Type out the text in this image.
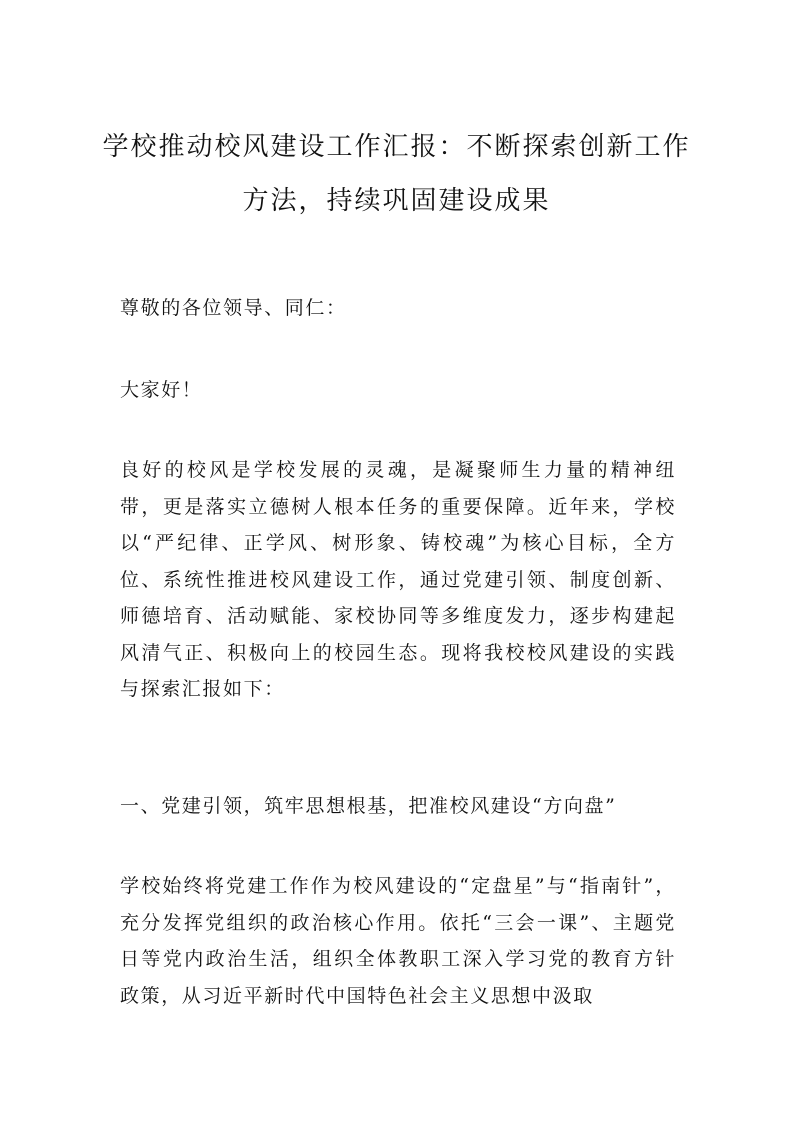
学校推动校风建设工作汇报：不断探索创新工作方法，持续巩固建设成果

尊敬的各位领导、同仁：

大家好！

良好的校风是学校发展的灵魂，是凝聚师生力量的精神纽带，更是落实立德树人根本任务的重要保障。近年来，学校以“严纪律、正学风、树形象、铸校魂”为核心目标，全方位、系统性推进校风建设工作，通过党建引领、制度创新、师德培育、活动赋能、家校协同等多维度发力，逐步构建起风清气正、积极向上的校园生态。现将我校校风建设的实践与探索汇报如下：

一、党建引领，筑牢思想根基，把准校风建设“方向盘”

学校始终将党建工作作为校风建设的“定盘星”与“指南针”，充分发挥党组织的政治核心作用。依托“三会一课”、主题党日等党内政治生活，组织全体教职工深入学习党的教育方针政策，从习近平新时代中国特色社会主义思想中汲取
